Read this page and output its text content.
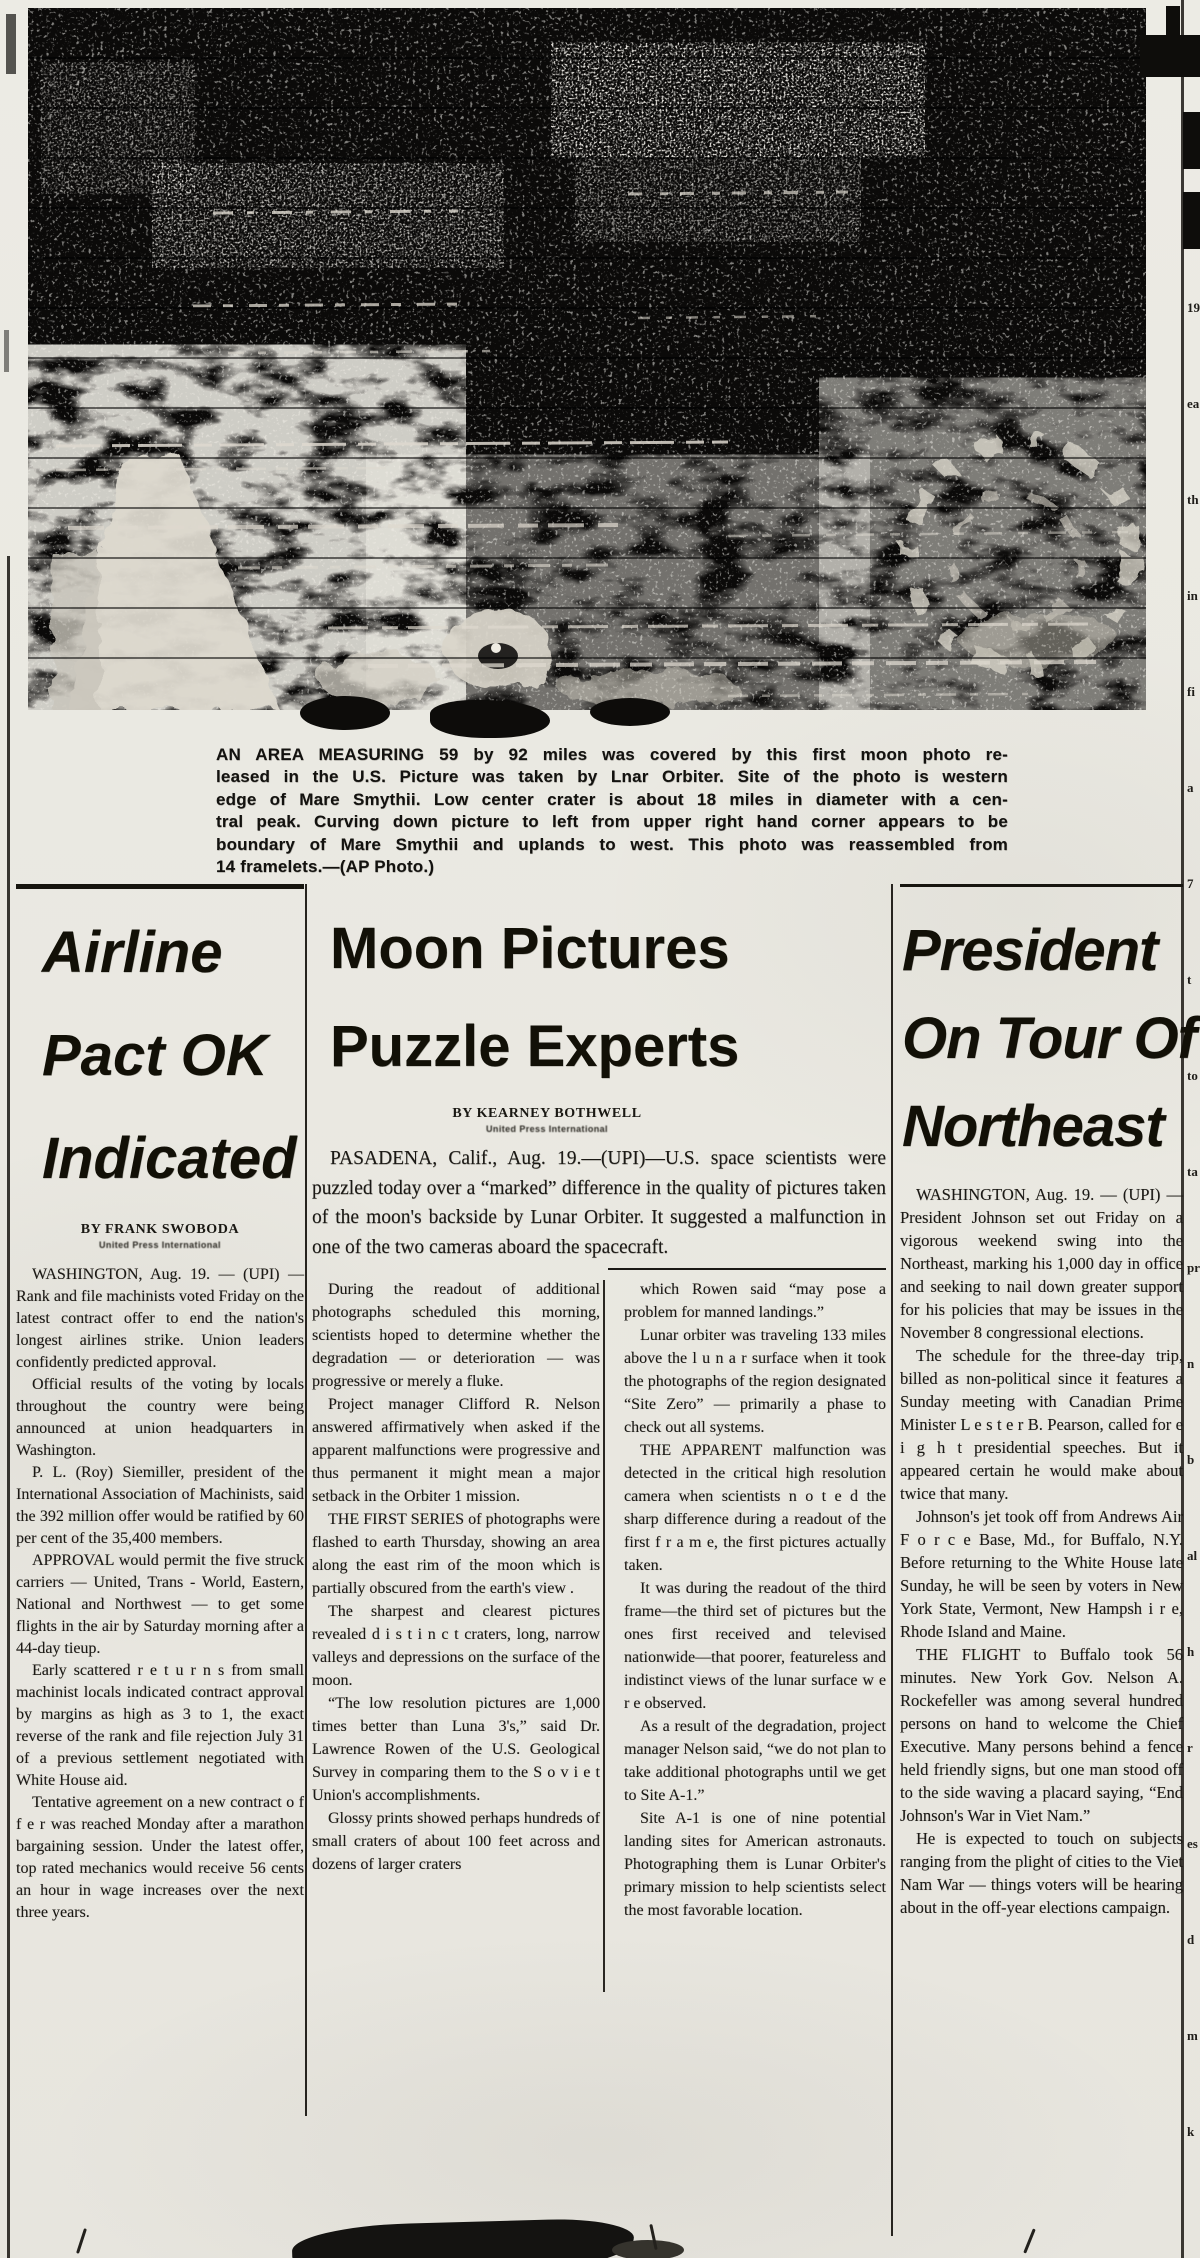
AN AREA MEASURING 59 by 92 miles was covered by this first moon photo re-
leased in the U.S. Picture was taken by Lnar Orbiter. Site of the photo is western
edge of Mare Smythii. Low center crater is about 18 miles in diameter with a cen-
tral peak. Curving down picture to left from upper right hand corner appears to be
boundary of Mare Smythii and uplands to west. This photo was reassembled from
14 framelets.—(AP Photo.)
Airline
Pact OK
Indicated
BY FRANK SWOBODA
United Press International

WASHINGTON, Aug. 19. — (UPI) — Rank and file machinists voted Friday on the latest contract offer to end the nation's longest airlines strike. Union leaders confidently predicted approval.

Official results of the voting by locals throughout the country were being announced at union headquarters in Washington.

P. L. (Roy) Siemiller, president of the International Association of Machinists, said the 392 million offer would be ratified by 60 per cent of the 35,400 members.

APPROVAL would permit the five struck carriers — United, Trans - World, Eastern, National and Northwest — to get some flights in the air by Saturday morning after a 44-day tieup.

Early scattered r e t u r n s from small machinist locals indicated contract approval by margins as high as 3 to 1, the exact reverse of the rank and file rejection July 31 of a previous settlement negotiated with White House aid.

Tentative agreement on a new contract o f f e r was reached Monday after a marathon bargaining session. Under the latest offer, top rated mechanics would receive 56 cents an hour in wage increases over the next three years.

Moon Pictures
Puzzle Experts
BY KEARNEY BOTHWELL
United Press International
PASADENA, Calif., Aug. 19.—(UPI)—U.S. space scientists were puzzled today over a “marked” difference in the quality of pictures taken of the moon's backside by Lunar Orbiter. It suggested a malfunction in one of the two cameras aboard the spacecraft.

During the readout of additional photographs scheduled this morning, scientists hoped to determine whether the degradation — or deterioration — was progressive or merely a fluke.

Project manager Clifford R. Nelson answered affirmatively when asked if the apparent malfunctions were progressive and thus permanent it might mean a major setback in the Orbiter 1 mission.

THE FIRST SERIES of photographs were flashed to earth Thursday, showing an area along the east rim of the moon which is partially obscured from the earth's view .

The sharpest and clearest pictures revealed d i s t i n c t craters, long, narrow valleys and depressions on the surface of the moon.

“The low resolution pictures are 1,000 times better than Luna 3's,” said Dr. Lawrence Rowen of the U.S. Geological Survey in comparing them to the S o v i e t Union's accomplishments.

Glossy prints showed perhaps hundreds of small craters of about 100 feet across and dozens of larger craters

which Rowen said “may pose a problem for manned landings.”

Lunar orbiter was traveling 133 miles above the l u n a r surface when it took the photographs of the region designated “Site Zero” — primarily a phase to check out all systems.

THE APPARENT malfunction was detected in the critical high resolution camera when scientists n o t e d the sharp difference during a readout of the first f r a m e, the first pictures actually taken.

It was during the readout of the third frame—the third set of pictures but the ones first received and televised nationwide—that poorer, featureless and indistinct views of the lunar surface w e r e observed.

As a result of the degradation, project manager Nelson said, “we do not plan to take additional photographs until we get to Site A-1.”

Site A-1 is one of nine potential landing sites for American astronauts. Photographing them is Lunar Orbiter's primary mission to help scientists select the most favorable location.

President
On Tour Of
Northeast

WASHINGTON, Aug. 19. — (UPI) — President Johnson set out Friday on a vigorous weekend swing into the Northeast, marking his 1,000 day in office and seeking to nail down greater support for his policies that may be issues in the November 8 congressional elections.

The schedule for the three-day trip, billed as non-political since it features a Sunday meeting with Canadian Prime Minister L e s t e r B. Pearson, called for e i g h t presidential speeches. But it appeared certain he would make about twice that many.

Johnson's jet took off from Andrews Air F o r c e Base, Md., for Buffalo, N.Y. Before returning to the White House late Sunday, he will be seen by voters in New York State, Vermont, New Hampsh i r e, Rhode Island and Maine.

THE FLIGHT to Buffalo took 56 minutes. New York Gov. Nelson A. Rockefeller was among several hundred persons on hand to welcome the Chief Executive. Many persons behind a fence held friendly signs, but one man stood off to the side waving a placard saying, “End Johnson's War in Viet Nam.”

He is expected to touch on subjects ranging from the plight of cities to the Viet Nam War — things voters will be hearing about in the off-year elections campaign.

19
ea
th
in
fi
a
7
t
to
ta
pr
n
b
al
h
r
es
d
m
k
